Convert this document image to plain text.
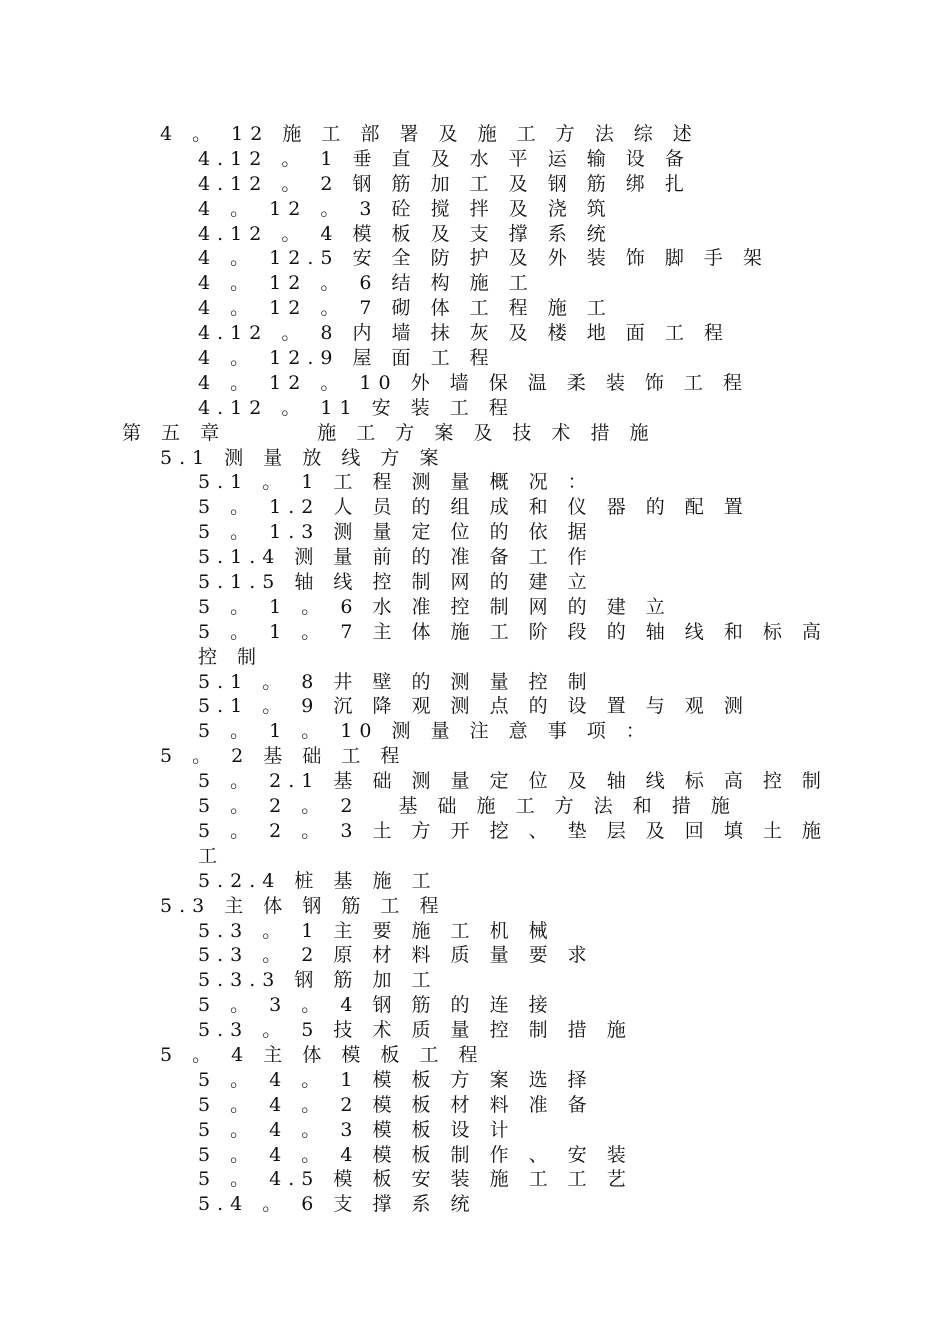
4 。 12 施 工 部 署 及 施 工 方 法 综 述
4.12 。 1 垂 直 及 水 平 运 输 设 备
4.12 。 2 钢 筋 加 工 及 钢 筋 绑 扎
4 。 12 。 3 砼 搅 拌 及 浇 筑
4.12 。 4 模 板 及 支 撑 系 统
4 。 12.5 安 全 防 护 及 外 装 饰 脚 手 架
4 。 12 。 6 结 构 施 工
4 。 12 。 7 砌 体 工 程 施 工
4.12 。 8 内 墙 抹 灰 及 楼 地 面 工 程
4 。 12.9 屋 面 工 程
4 。 12 。 10 外 墙 保 温 柔 装 饰 工 程
4.12 。 11 安 装 工 程
第 五 章 　 　 施 工 方 案 及 技 术 措 施
5.1 测 量 放 线 方 案
5.1 。 1 工 程 测 量 概 况 ：
5 。 1.2 人 员 的 组 成 和 仪 器 的 配 置
5 。 1.3 测 量 定 位 的 依 据
5.1.4 测 量 前 的 准 备 工 作
5.1.5 轴 线 控 制 网 的 建 立
5 。 1 。 6 水 准 控 制 网 的 建 立
5 。 1 。 7 主 体 施 工 阶 段 的 轴 线 和 标 高
控 制
5.1 。 8 井 壁 的 测 量 控 制
5.1 。 9 沉 降 观 测 点 的 设 置 与 观 测
5 。 1 。 10 测 量 注 意 事 项 ：
5 。 2 基 础 工 程
5 。 2.1 基 础 测 量 定 位 及 轴 线 标 高 控 制
5 。 2 。 2 　基 础 施 工 方 法 和 措 施
5 。 2 。 3 土 方 开 挖 、 垫 层 及 回 填 土 施
工
5.2.4 桩 基 施 工
5.3 主 体 钢 筋 工 程
5.3 。 1 主 要 施 工 机 械
5.3 。 2 原 材 料 质 量 要 求
5.3.3 钢 筋 加 工
5 。 3 。 4 钢 筋 的 连 接
5.3 。 5 技 术 质 量 控 制 措 施
5 。 4 主 体 模 板 工 程
5 。 4 。 1 模 板 方 案 选 择
5 。 4 。 2 模 板 材 料 准 备
5 。 4 。 3 模 板 设 计
5 。 4 。 4 模 板 制 作 、 安 装
5 。 4.5 模 板 安 装 施 工 工 艺
5.4 。 6 支 撑 系 统
